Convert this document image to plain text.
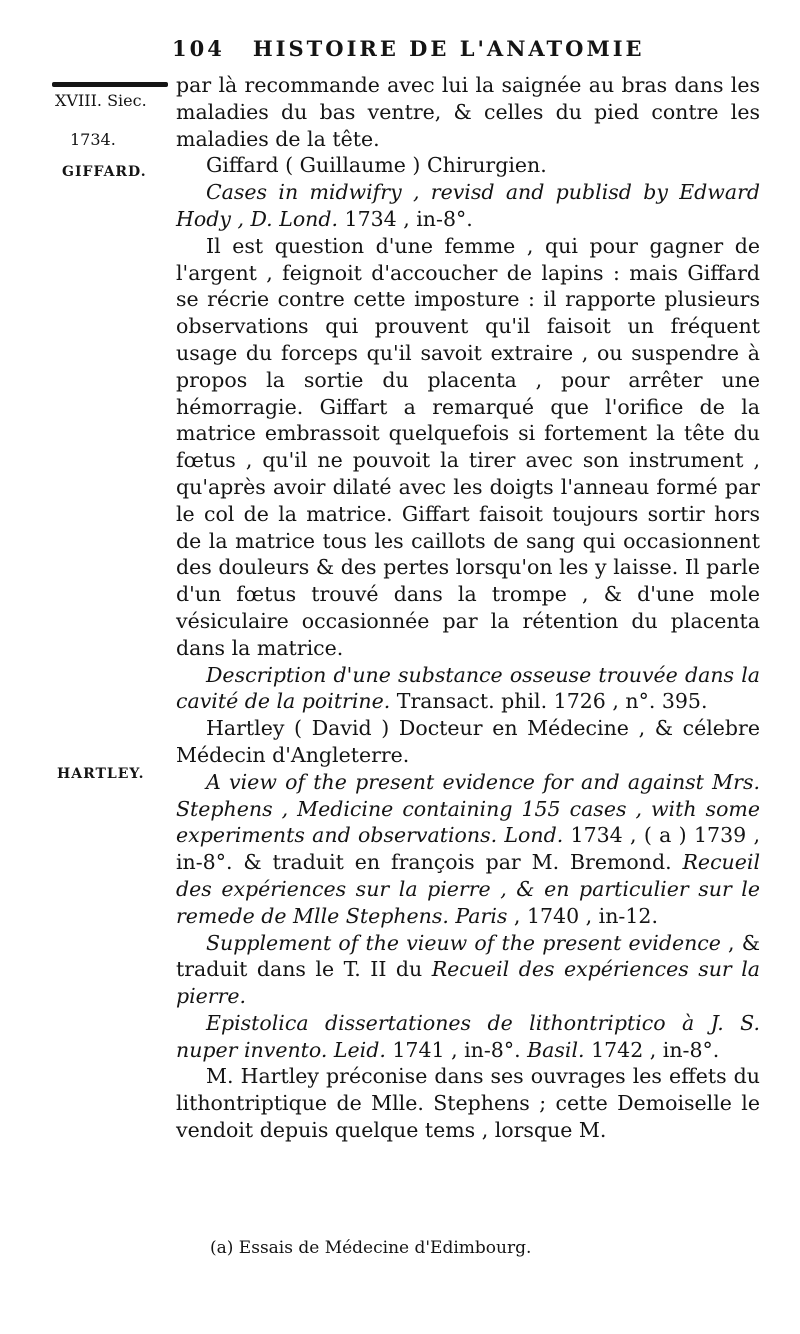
104 HISTOIRE DE L'ANATOMIE
XVIII. Siec.
1734.
GIFFARD.
HARTLEY.

par là recommande avec lui la saignée au bras dans les maladies du bas ventre, & celles du pied contre les maladies de la tête.

Giffard ( Guillaume ) Chirurgien.

Cases in midwifry , revisd and publisd by Edward Hody , D. Lond. 1734 , in-8°.

Il est question d'une femme , qui pour gagner de l'argent , feignoit d'accoucher de lapins : mais Giffard se récrie contre cette imposture : il rapporte plusieurs observations qui prouvent qu'il faisoit un fréquent usage du forceps qu'il savoit extraire , ou suspendre à propos la sortie du placenta , pour arrêter une hémorragie. Giffart a remarqué que l'orifice de la matrice embrassoit quelquefois si fortement la tête du fœtus , qu'il ne pouvoit la tirer avec son instrument , qu'après avoir dilaté avec les doigts l'anneau formé par le col de la matrice. Giffart faisoit toujours sortir hors de la matrice tous les caillots de sang qui occasionnent des douleurs & des pertes lorsqu'on les y laisse. Il parle d'un fœtus trouvé dans la trompe , & d'une mole vésiculaire occasionnée par la rétention du placenta dans la matrice.

Description d'une substance osseuse trouvée dans la cavité de la poitrine. Transact. phil. 1726 , n°. 395.

Hartley ( David ) Docteur en Médecine , & célebre Médecin d'Angleterre.

A view of the present evidence for and against Mrs. Stephens , Medicine containing 155 cases , with some experiments and observations. Lond. 1734 , ( a ) 1739 , in-8°. & traduit en françois par M. Bremond. Recueil des expériences sur la pierre , & en particulier sur le remede de Mlle Stephens. Paris , 1740 , in-12.

Supplement of the vieuw of the present evidence , & traduit dans le T. II du Recueil des expériences sur la pierre.

Epistolica dissertationes de lithontriptico à J. S. nuper invento. Leid. 1741 , in-8°. Basil. 1742 , in-8°.

M. Hartley préconise dans ses ouvrages les effets du lithontriptique de Mlle. Stephens ; cette Demoiselle le vendoit depuis quelque tems , lorsque M.

(a) Essais de Médecine d'Edimbourg.
